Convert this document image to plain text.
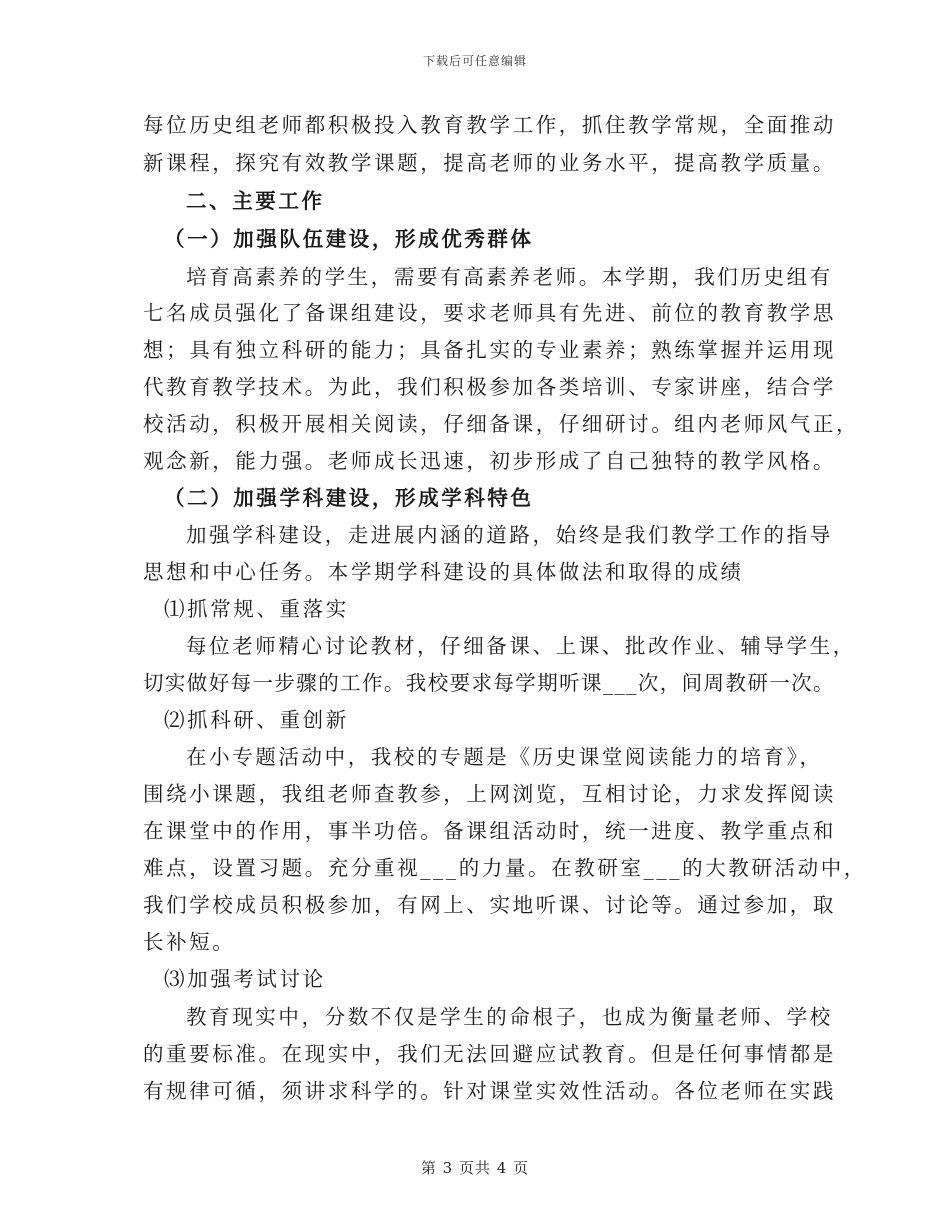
下载后可任意编辑
每位历史组老师都积极投入教育教学工作，抓住教学常规，全面推动
新课程，探究有效教学课题，提高老师的业务水平，提高教学质量。
二、主要工作
（一）加强队伍建设，形成优秀群体
培育高素养的学生，需要有高素养老师。本学期，我们历史组有
七名成员强化了备课组建设，要求老师具有先进、前位的教育教学思
想；具有独立科研的能力；具备扎实的专业素养；熟练掌握并运用现
代教育教学技术。为此，我们积极参加各类培训、专家讲座，结合学
校活动，积极开展相关阅读，仔细备课，仔细研讨。组内老师风气正，
观念新，能力强。老师成长迅速，初步形成了自己独特的教学风格。
（二）加强学科建设，形成学科特色
加强学科建设，走进展内涵的道路，始终是我们教学工作的指导
思想和中心任务。本学期学科建设的具体做法和取得的成绩
⑴抓常规、重落实
每位老师精心讨论教材，仔细备课、上课、批改作业、辅导学生，
切实做好每一步骤的工作。我校要求每学期听课___次，间周教研一次。
⑵抓科研、重创新
在小专题活动中，我校的专题是《历史课堂阅读能力的培育》，
围绕小课题，我组老师查教参，上网浏览，互相讨论，力求发挥阅读
在课堂中的作用，事半功倍。备课组活动时，统一进度、教学重点和
难点，设置习题。充分重视___的力量。在教研室___的大教研活动中，
我们学校成员积极参加，有网上、实地听课、讨论等。通过参加，取
长补短。
⑶加强考试讨论
教育现实中，分数不仅是学生的命根子，也成为衡量老师、学校
的重要标准。在现实中，我们无法回避应试教育。但是任何事情都是
有规律可循，须讲求科学的。针对课堂实效性活动。各位老师在实践
第 3 页共 4 页
